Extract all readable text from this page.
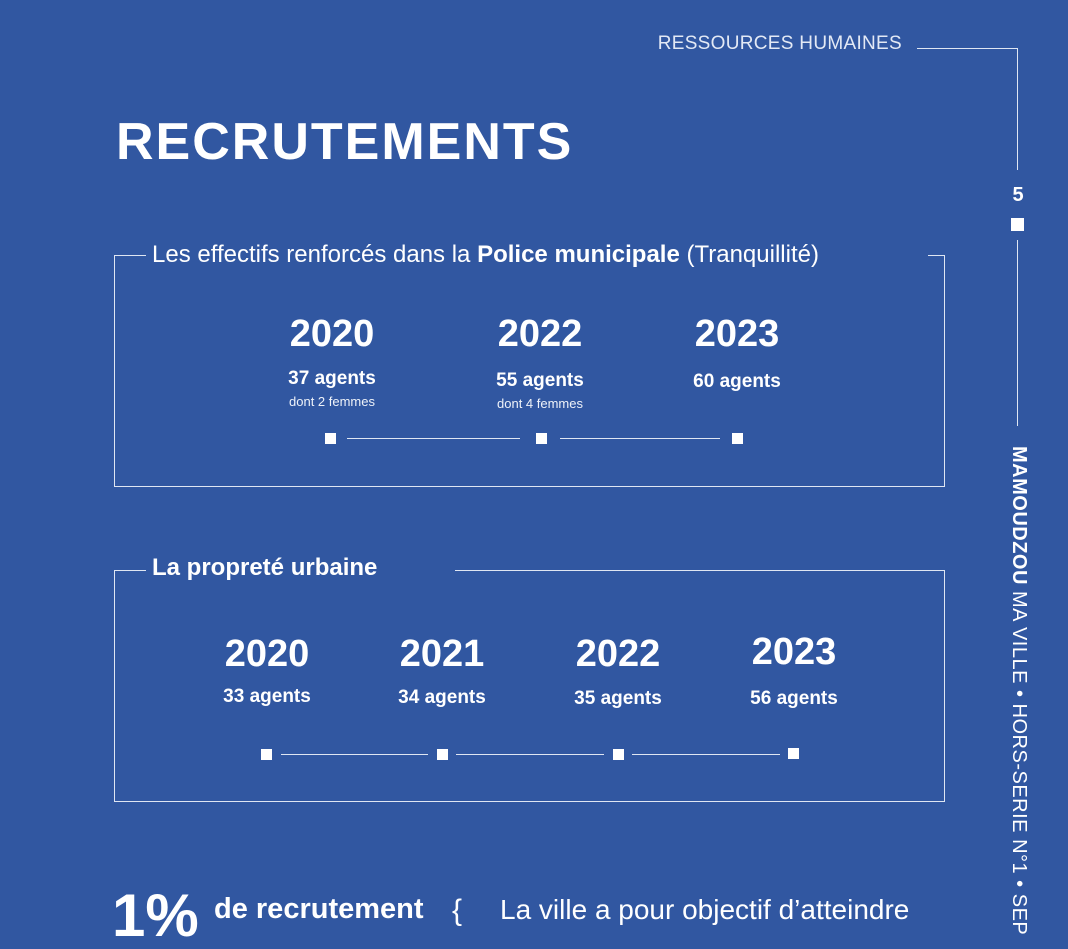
RESSOURCES HUMAINES
RECRUTEMENTS
5
MAMOUDZOU MA VILLE • HORS-SERIE N°1 • SEP
Les effectifs renforcés dans la Police municipale (Tranquillité)
2020
37 agents
dont 2 femmes
2022
55 agents
dont 4 femmes
2023
60 agents
La propreté urbaine
2020
33 agents
2021
34 agents
2022
35 agents
2023
56 agents
1% de recrutement { La ville a pour objectif d’atteindre
